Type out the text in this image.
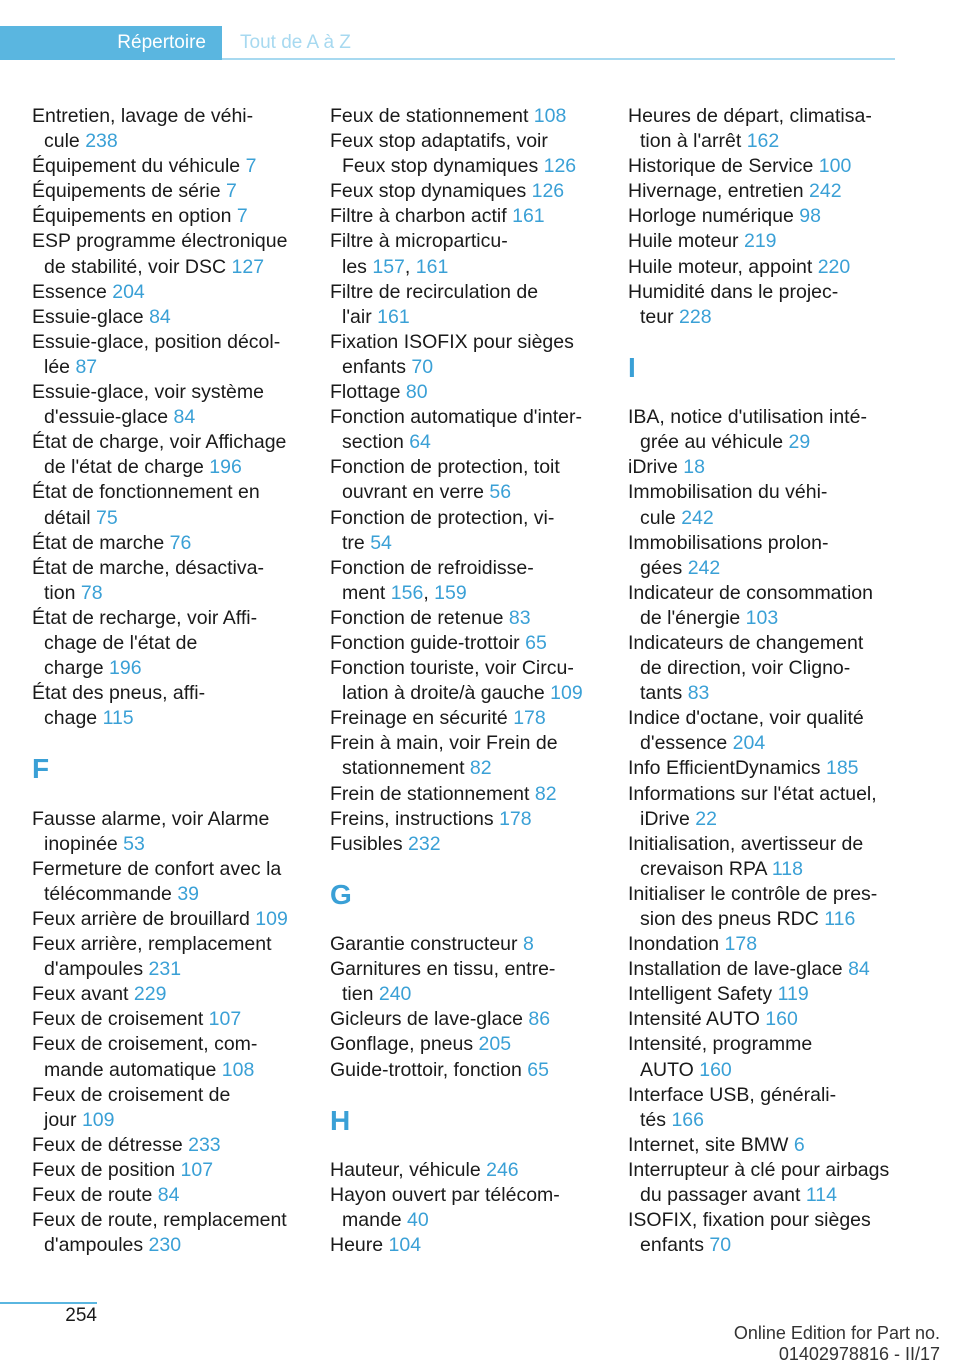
Répertoire	Tout de A à Z
Entretien, lavage de véhi-
cule 238
Équipement du véhicule 7
Équipements de série 7
Équipements en option 7
ESP programme électronique
de stabilité, voir DSC 127
Essence 204
Essuie-glace 84
Essuie-glace, position décol-
lée 87
Essuie-glace, voir système
d'essuie-glace 84
État de charge, voir Affichage
de l'état de charge 196
État de fonctionnement en
détail 75
État de marche 76
État de marche, désactiva-
tion 78
État de recharge, voir Affi-
chage de l'état de
charge 196
État des pneus, affi-
chage 115
F
Fausse alarme, voir Alarme
inopinée 53
Fermeture de confort avec la
télécommande 39
Feux arrière de brouillard 109
Feux arrière, remplacement
d'ampoules 231
Feux avant 229
Feux de croisement 107
Feux de croisement, com-
mande automatique 108
Feux de croisement de
jour 109
Feux de détresse 233
Feux de position 107
Feux de route 84
Feux de route, remplacement
d'ampoules 230
Feux de stationnement 108
Feux stop adaptatifs, voir
Feux stop dynamiques 126
Feux stop dynamiques 126
Filtre à charbon actif 161
Filtre à microparticu-
les 157, 161
Filtre de recirculation de
l'air 161
Fixation ISOFIX pour sièges
enfants 70
Flottage 80
Fonction automatique d'inter-
section 64
Fonction de protection, toit
ouvrant en verre 56
Fonction de protection, vi-
tre 54
Fonction de refroidisse-
ment 156, 159
Fonction de retenue 83
Fonction guide-trottoir 65
Fonction touriste, voir Circu-
lation à droite/à gauche 109
Freinage en sécurité 178
Frein à main, voir Frein de
stationnement 82
Frein de stationnement 82
Freins, instructions 178
Fusibles 232
G
Garantie constructeur 8
Garnitures en tissu, entre-
tien 240
Gicleurs de lave-glace 86
Gonflage, pneus 205
Guide-trottoir, fonction 65
H
Hauteur, véhicule 246
Hayon ouvert par télécom-
mande 40
Heure 104
Heures de départ, climatisa-
tion à l'arrêt 162
Historique de Service 100
Hivernage, entretien 242
Horloge numérique 98
Huile moteur 219
Huile moteur, appoint 220
Humidité dans le projec-
teur 228
I
IBA, notice d'utilisation inté-
grée au véhicule 29
iDrive 18
Immobilisation du véhi-
cule 242
Immobilisations prolon-
gées 242
Indicateur de consommation
de l'énergie 103
Indicateurs de changement
de direction, voir Cligno-
tants 83
Indice d'octane, voir qualité
d'essence 204
Info EfficientDynamics 185
Informations sur l'état actuel,
iDrive 22
Initialisation, avertisseur de
crevaison RPA 118
Initialiser le contrôle de pres-
sion des pneus RDC 116
Inondation 178
Installation de lave-glace 84
Intelligent Safety 119
Intensité AUTO 160
Intensité, programme
AUTO 160
Interface USB, générali-
tés 166
Internet, site BMW 6
Interrupteur à clé pour airbags
du passager avant 114
ISOFIX, fixation pour sièges
enfants 70
254
Online Edition for Part no. 01402978816 - II/17
